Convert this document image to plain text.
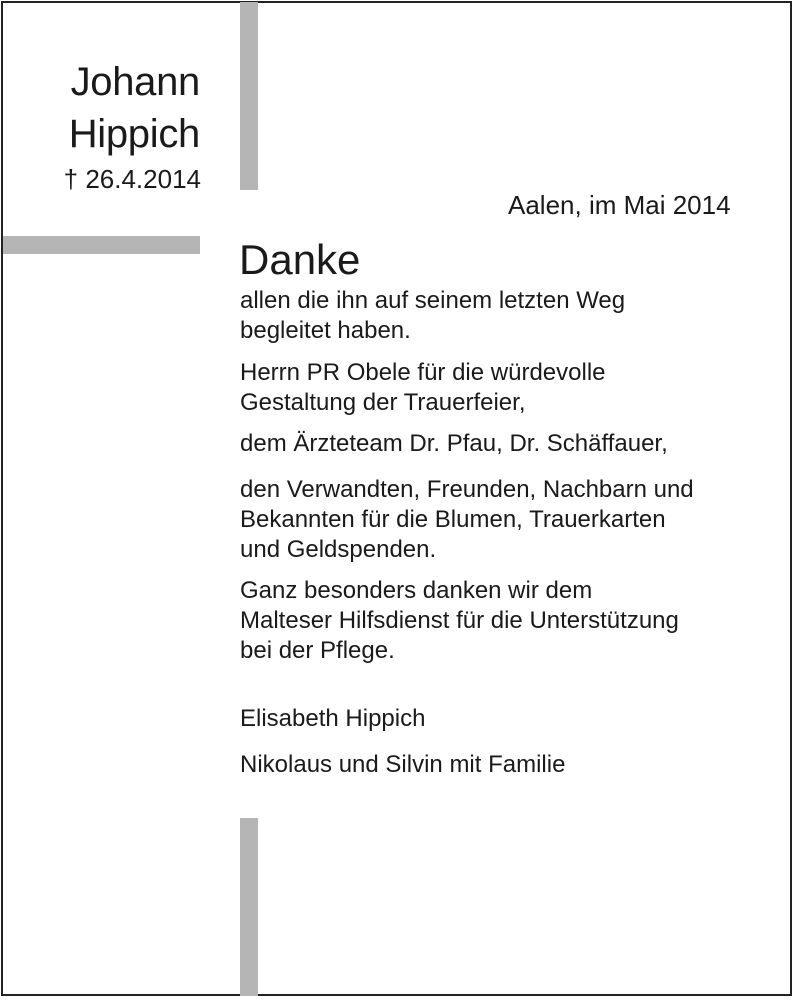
Johann
Hippich
† 26.4.2014
Aalen, im Mai 2014
Danke

allen die ihn auf seinem letzten Weg
begleitet haben.

Herrn PR Obele für die würdevolle
Gestaltung der Trauerfeier,

dem Ärzteteam Dr. Pfau, Dr. Schäffauer,

den Verwandten, Freunden, Nachbarn und
Bekannten für die Blumen, Trauerkarten
und Geldspenden.

Ganz besonders danken wir dem
Malteser Hilfsdienst für die Unterstützung
bei der Pflege.

Elisabeth Hippich
Nikolaus und Silvin mit Familie
